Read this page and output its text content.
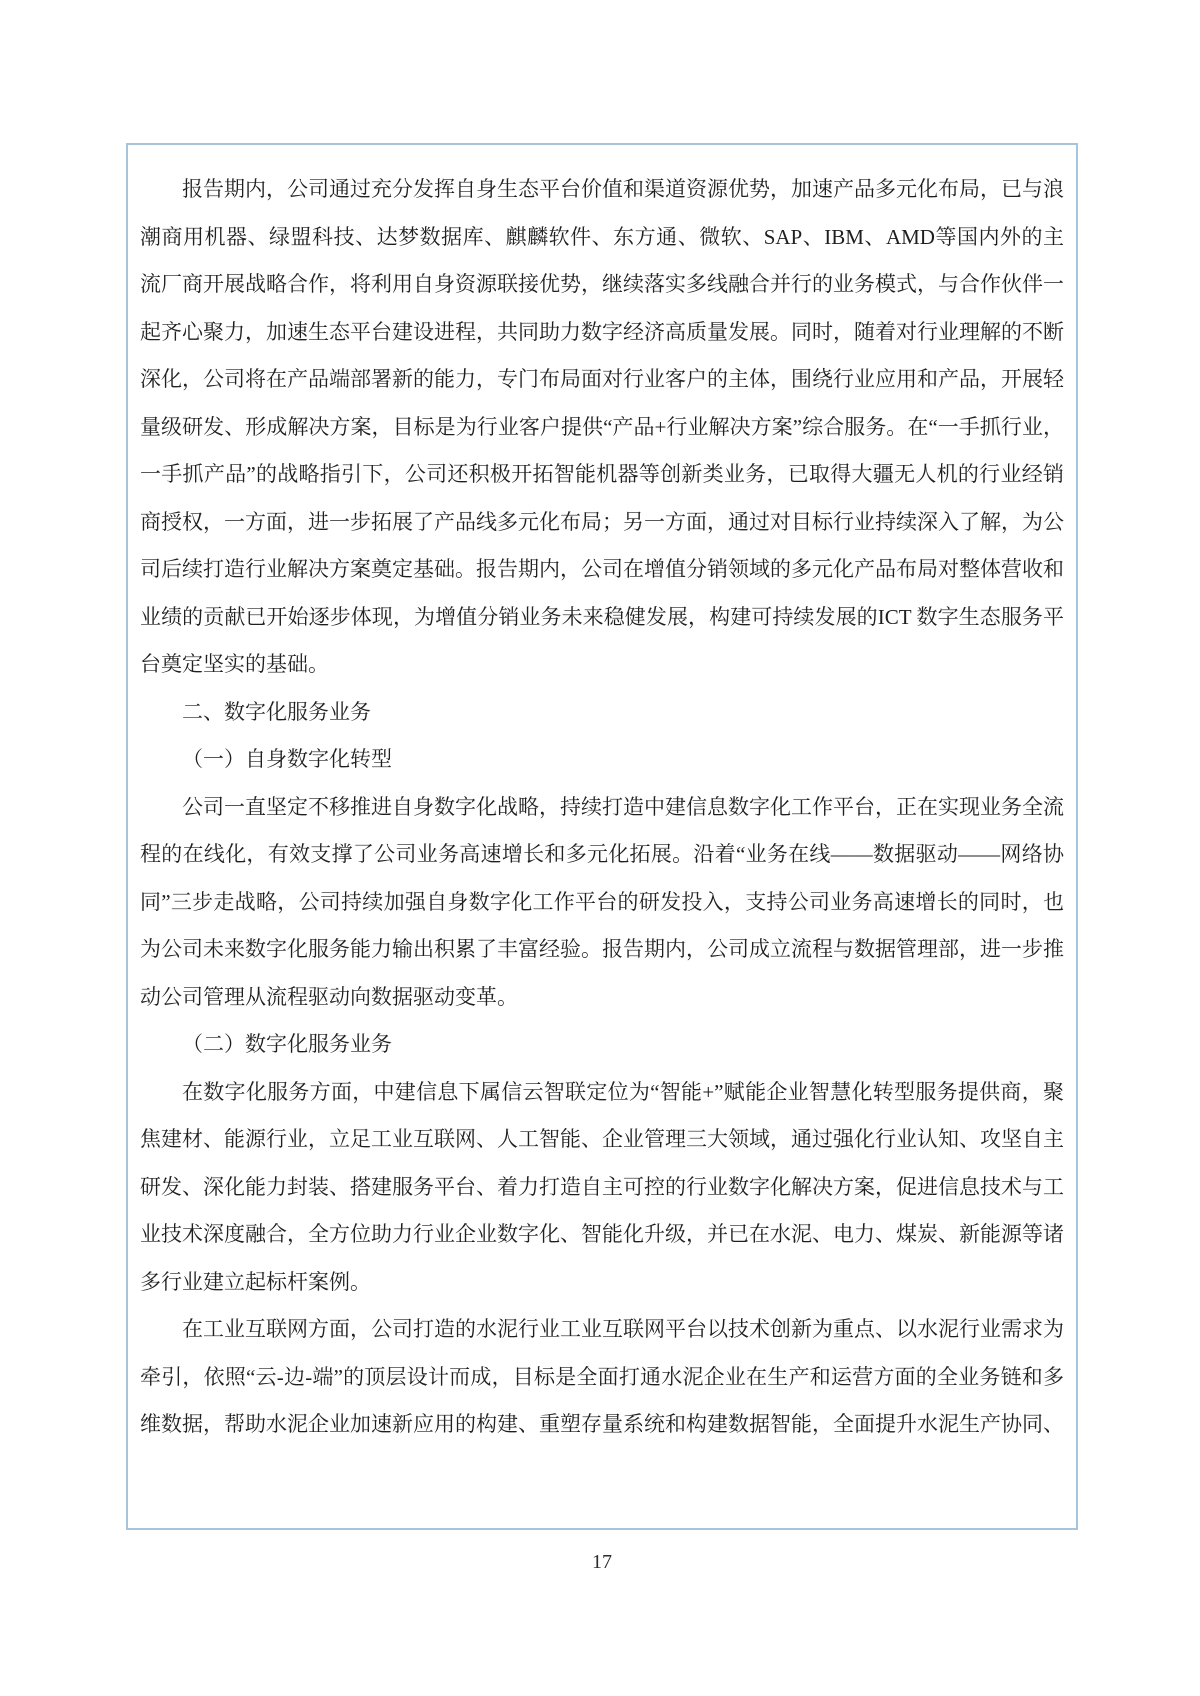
报告期内，公司通过充分发挥自身生态平台价值和渠道资源优势，加速产品多元化布局，已与浪潮商用机器、绿盟科技、达梦数据库、麒麟软件、东方通、微软、SAP、IBM、AMD等国内外的主流厂商开展战略合作，将利用自身资源联接优势，继续落实多线融合并行的业务模式，与合作伙伴一起齐心聚力，加速生态平台建设进程，共同助力数字经济高质量发展。同时，随着对行业理解的不断深化，公司将在产品端部署新的能力，专门布局面对行业客户的主体，围绕行业应用和产品，开展轻量级研发、形成解决方案，目标是为行业客户提供“产品+行业解决方案”综合服务。在“一手抓行业，一手抓产品”的战略指引下，公司还积极开拓智能机器等创新类业务，已取得大疆无人机的行业经销商授权，一方面，进一步拓展了产品线多元化布局；另一方面，通过对目标行业持续深入了解，为公司后续打造行业解决方案奠定基础。报告期内，公司在增值分销领域的多元化产品布局对整体营收和业绩的贡献已开始逐步体现，为增值分销业务未来稳健发展，构建可持续发展的ICT 数字生态服务平台奠定坚实的基础。

二、数字化服务业务
（一）自身数字化转型

公司一直坚定不移推进自身数字化战略，持续打造中建信息数字化工作平台，正在实现业务全流程的在线化，有效支撑了公司业务高速增长和多元化拓展。沿着“业务在线——数据驱动——网络协同”三步走战略，公司持续加强自身数字化工作平台的研发投入，支持公司业务高速增长的同时，也为公司未来数字化服务能力输出积累了丰富经验。报告期内，公司成立流程与数据管理部，进一步推动公司管理从流程驱动向数据驱动变革。

（二）数字化服务业务

在数字化服务方面，中建信息下属信云智联定位为“智能+”赋能企业智慧化转型服务提供商，聚焦建材、能源行业，立足工业互联网、人工智能、企业管理三大领域，通过强化行业认知、攻坚自主研发、深化能力封装、搭建服务平台、着力打造自主可控的行业数字化解决方案，促进信息技术与工业技术深度融合，全方位助力行业企业数字化、智能化升级，并已在水泥、电力、煤炭、新能源等诸多行业建立起标杆案例。

在工业互联网方面，公司打造的水泥行业工业互联网平台以技术创新为重点、以水泥行业需求为牵引，依照“云-边-端”的顶层设计而成，目标是全面打通水泥企业在生产和运营方面的全业务链和多维数据，帮助水泥企业加速新应用的构建、重塑存量系统和构建数据智能，全面提升水泥生产协同、

17
